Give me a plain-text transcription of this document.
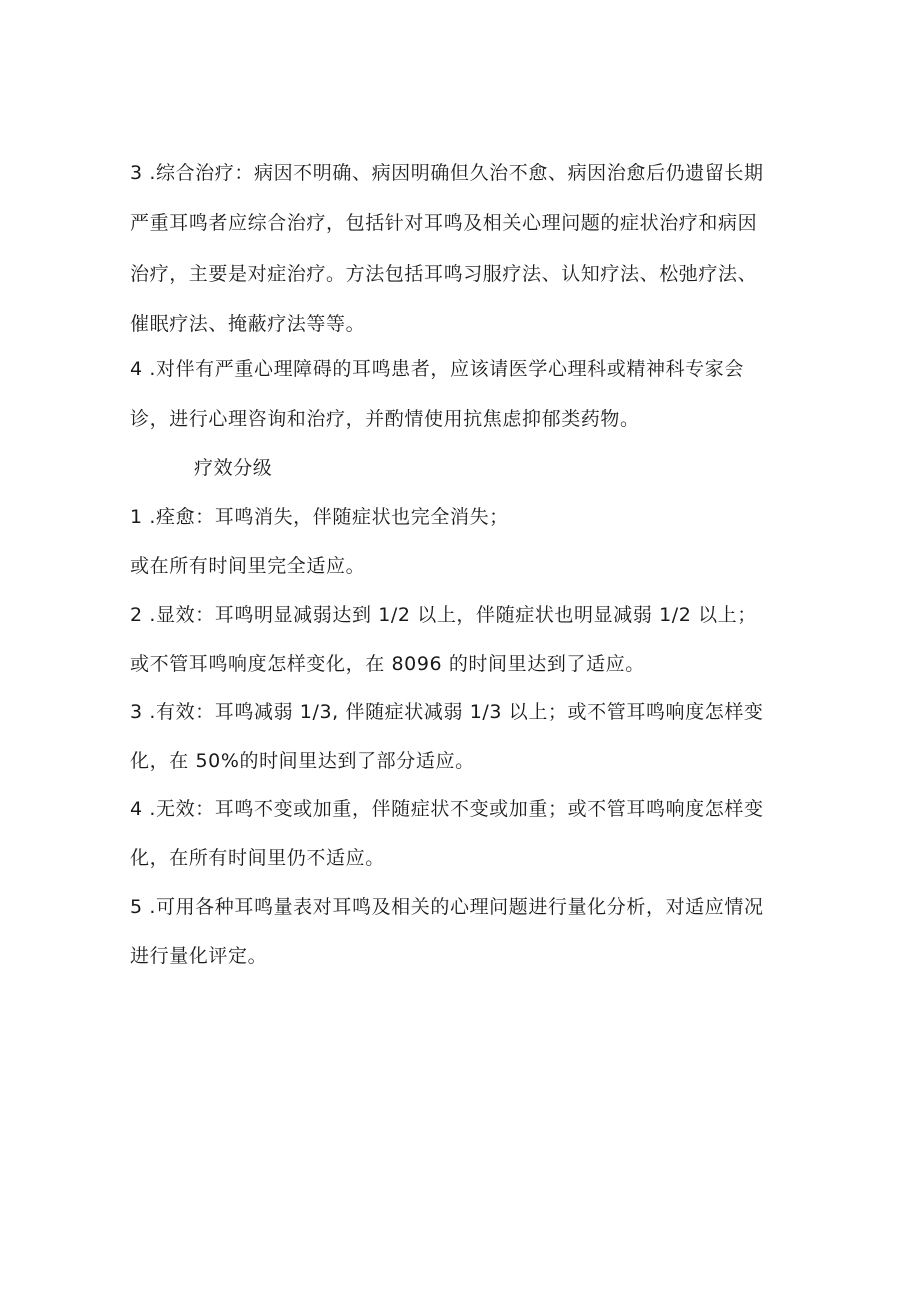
3 .综合治疗：病因不明确、病因明确但久治不愈、病因治愈后仍遗留长期
严重耳鸣者应综合治疗，包括针对耳鸣及相关心理问题的症状治疗和病因
治疗，主要是对症治疗。方法包括耳鸣习服疗法、认知疗法、松弛疗法、
催眠疗法、掩蔽疗法等等。
4 .对伴有严重心理障碍的耳鸣患者，应该请医学心理科或精神科专家会
诊，进行心理咨询和治疗，并酌情使用抗焦虑抑郁类药物。
疗效分级
1 .痊愈：耳鸣消失，伴随症状也完全消失；
或在所有时间里完全适应。
2 .显效：耳鸣明显减弱达到 1/2 以上，伴随症状也明显减弱 1/2 以上；
或不管耳鸣响度怎样变化，在 8096 的时间里达到了适应。
3 .有效：耳鸣减弱 1/3, 伴随症状减弱 1/3 以上；或不管耳鸣响度怎样变
化，在 50%的时间里达到了部分适应。
4 .无效：耳鸣不变或加重，伴随症状不变或加重；或不管耳鸣响度怎样变
化，在所有时间里仍不适应。
5 .可用各种耳鸣量表对耳鸣及相关的心理问题进行量化分析，对适应情况
进行量化评定。
